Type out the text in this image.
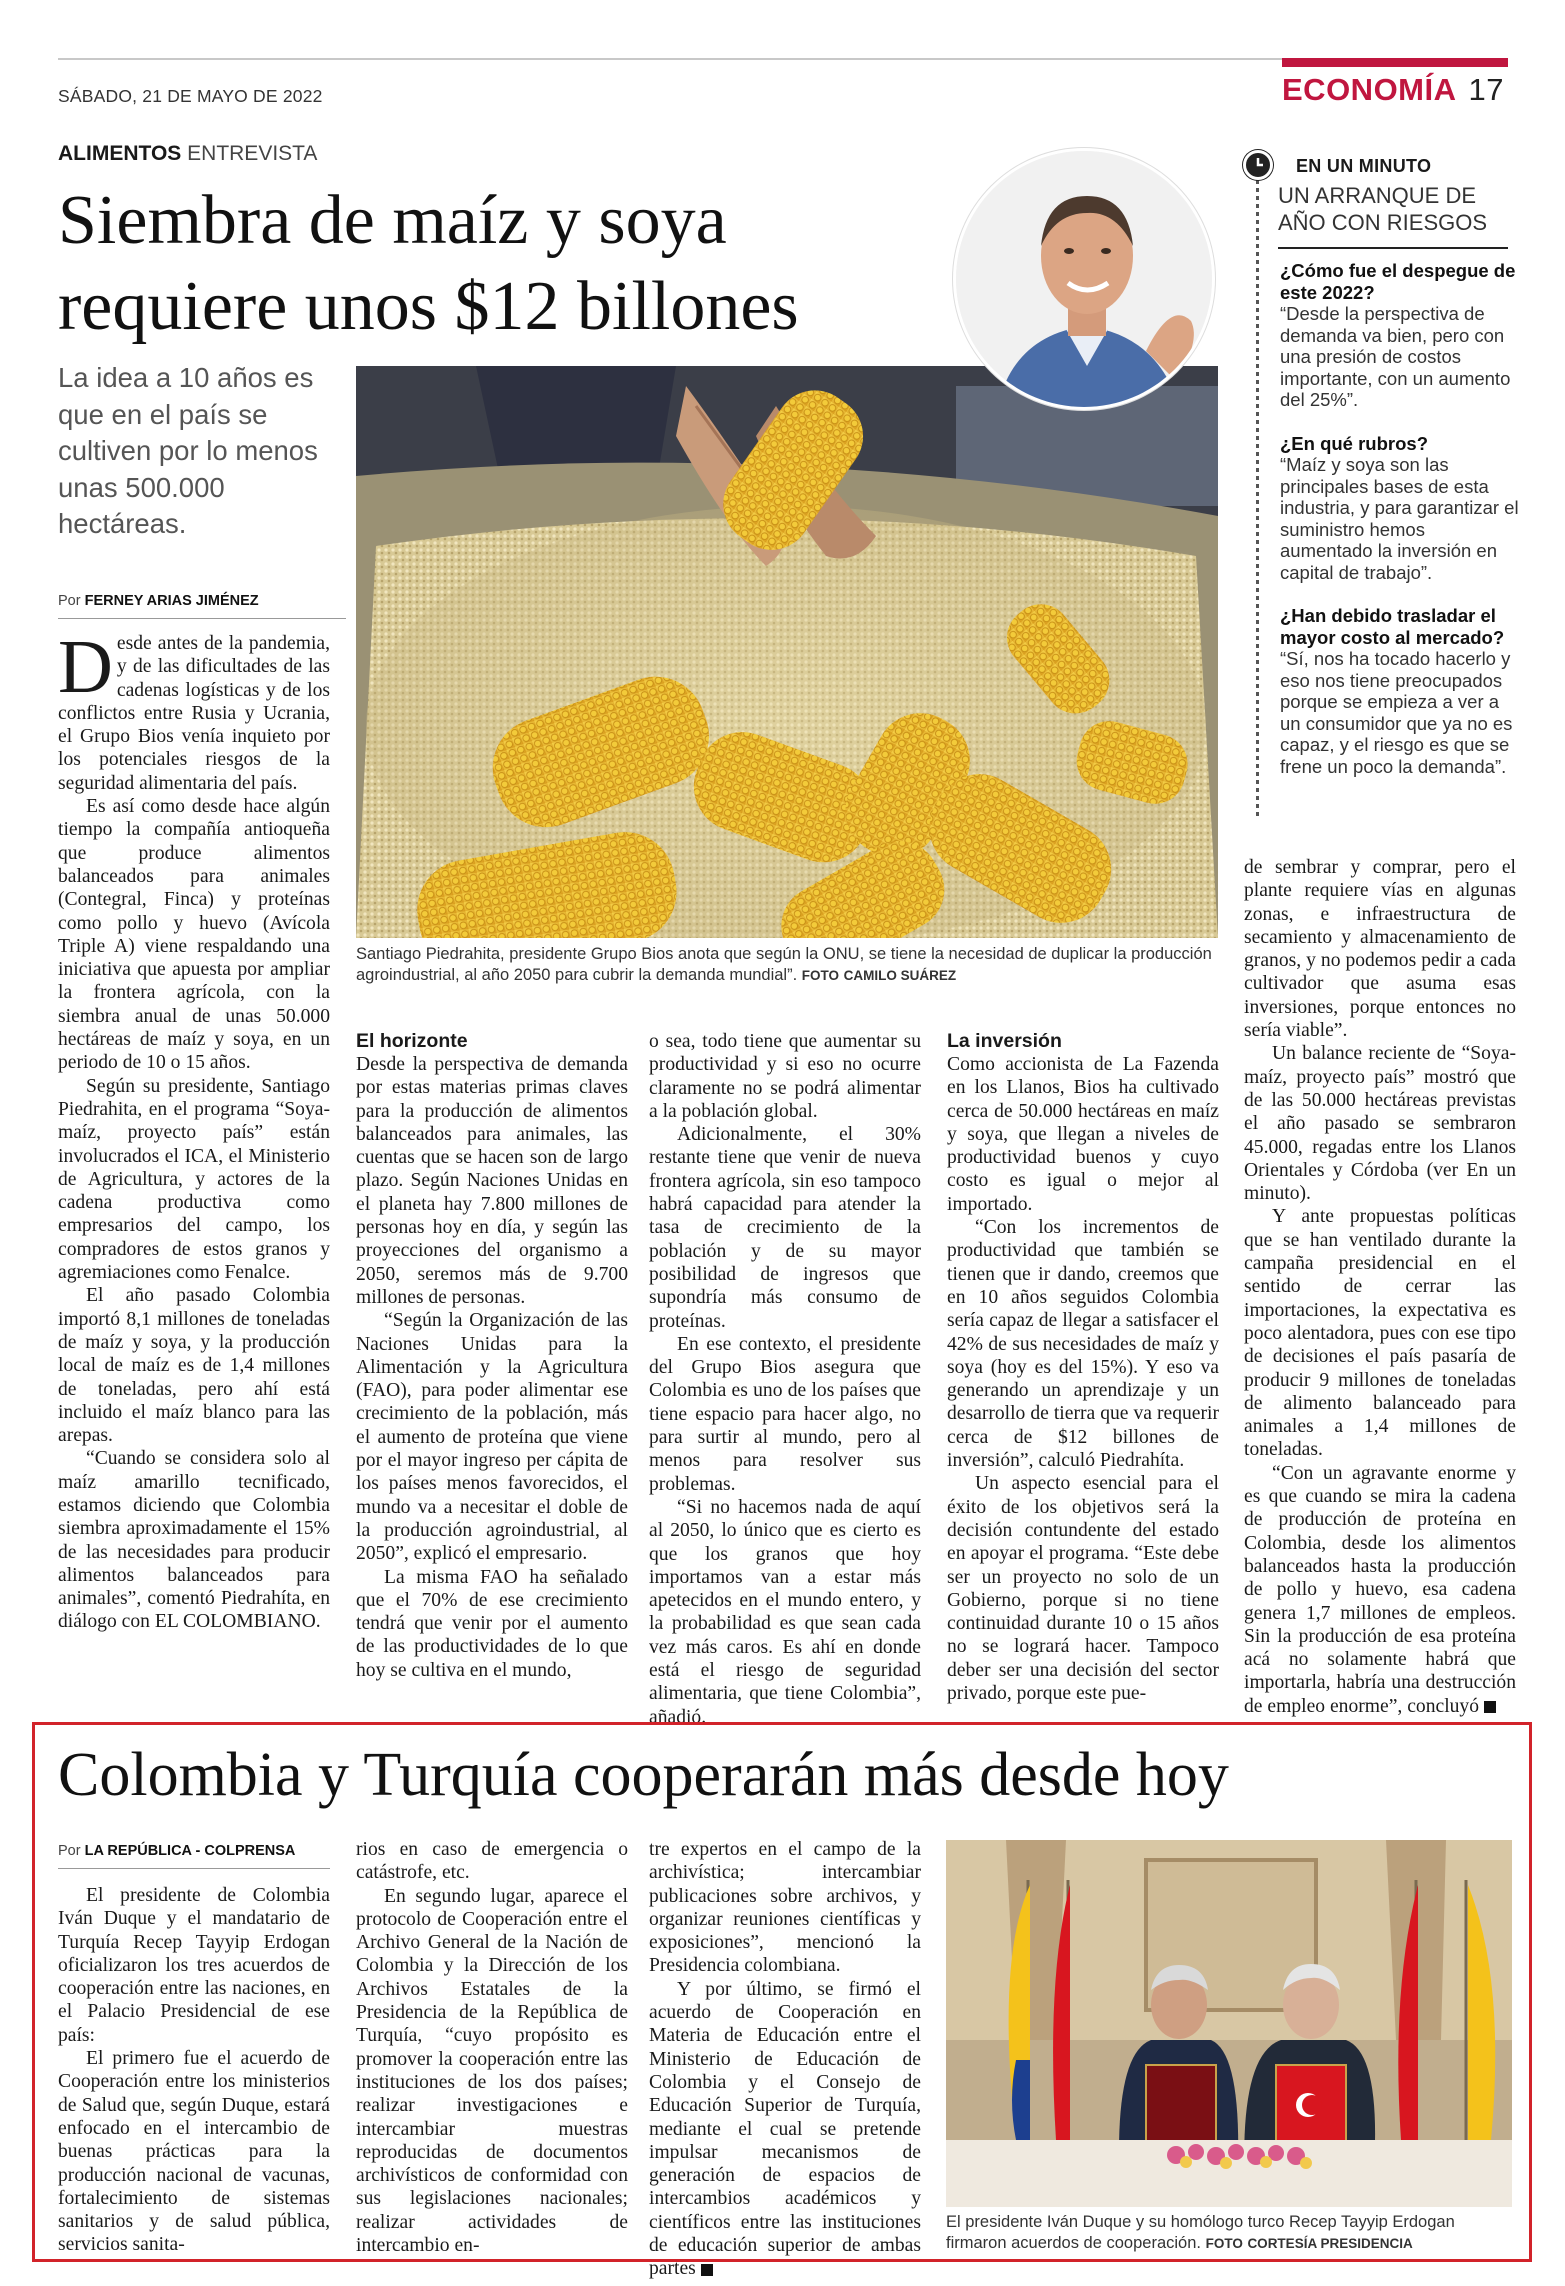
SÁBADO, 21 DE MAYO DE 2022	ECONOMÍA 17
ALIMENTOS ENTREVISTA
Siembra de maíz y soya
requiere unos $12 billones
La idea a 10 años es que en el país se cultiven por lo menos unas 500.000 hectáreas.
Por FERNEY ARIAS JIMÉNEZ
Santiago Piedrahita, presidente Grupo Bios anota que según la ONU, se tiene la necesidad de duplicar la producción agroindustrial, al año 2050 para cubrir la demanda mundial”. FOTO CAMILO SUÁREZ
EN UN MINUTO
UN ARRANQUE DE
AÑO CON RIESGOS
¿Cómo fue el despegue de este 2022?
“Desde la perspectiva de demanda va bien, pero con una presión de costos importante, con un aumento del 25%”.
¿En qué rubros?
“Maíz y soya son las principales bases de esta industria, y para garantizar el suministro hemos aumentado la inversión en capital de trabajo”.
¿Han debido trasladar el mayor costo al mercado?
“Sí, nos ha tocado hacerlo y eso nos tiene preocupados porque se empieza a ver a un consumidor que ya no es capaz, y el riesgo es que se frene un poco la demanda”.

Desde antes de la pandemia, y de las dificultades de las cadenas logísticas y de los conflictos entre Rusia y Ucrania, el Grupo Bios venía inquieto por los potenciales riesgos de la seguridad alimentaria del país.

Es así como desde hace algún tiempo la compañía antioqueña que produce alimentos balanceados para animales (Contegral, Finca) y proteínas como pollo y huevo (Avícola Triple A) viene respaldando una iniciativa que apuesta por ampliar la frontera agrícola, con la siembra anual de unas 50.000 hectáreas de maíz y soya, en un periodo de 10 o 15 años.

Según su presidente, Santiago Piedrahita, en el programa “Soya-maíz, proyecto país” están involucrados el ICA, el Ministerio de Agricultura, y actores de la cadena productiva como empresarios del campo, los compradores de estos granos y agremiaciones como Fenalce.

El año pasado Colombia importó 8,1 millones de toneladas de maíz y soya, y la producción local de maíz es de 1,4 millones de toneladas, pero ahí está incluido el maíz blanco para las arepas.

“Cuando se considera solo al maíz amarillo tecnificado, estamos diciendo que Colombia siembra aproximadamente el 15% de las necesidades para producir alimentos balanceados para animales”, comentó Piedrahíta, en diálogo con EL COLOMBIANO.

El horizonte

Desde la perspectiva de demanda por estas materias primas claves para la producción de alimentos balanceados para animales, las cuentas que se hacen son de largo plazo. Según Naciones Unidas en el planeta hay 7.800 millones de personas hoy en día, y según las proyecciones del organismo a 2050, seremos más de 9.700 millones de personas.

“Según la Organización de las Naciones Unidas para la Alimentación y la Agricultura (FAO), para poder alimentar ese crecimiento de la población, más el aumento de proteína que viene por el mayor ingreso per cápita de los países menos favorecidos, el mundo va a necesitar el doble de la producción agroindustrial, al 2050”, explicó el empresario.

La misma FAO ha señalado que el 70% de ese crecimiento tendrá que venir por el aumento de las productividades de lo que hoy se cultiva en el mundo,

o sea, todo tiene que aumentar su productividad y si eso no ocurre claramente no se podrá alimentar a la población global.

Adicionalmente, el 30% restante tiene que venir de nueva frontera agrícola, sin eso tampoco habrá capacidad para atender la tasa de crecimiento de la población y de su mayor posibilidad de ingresos que supondría más consumo de proteínas.

En ese contexto, el presidente del Grupo Bios asegura que Colombia es uno de los países que tiene espacio para hacer algo, no para surtir al mundo, pero al menos para resolver sus problemas.

“Si no hacemos nada de aquí al 2050, lo único que es cierto es que los granos que hoy importamos van a estar más apetecidos en el mundo entero, y la probabilidad es que sean cada vez más caros. Es ahí en donde está el riesgo de seguridad alimentaria, que tiene Colombia”, añadió.

La inversión

Como accionista de La Fazenda en los Llanos, Bios ha cultivado cerca de 50.000 hectáreas en maíz y soya, que llegan a niveles de productividad buenos y cuyo costo es igual o mejor al importado.

“Con los incrementos de productividad que también se tienen que ir dando, creemos que en 10 años seguidos Colombia sería capaz de llegar a satisfacer el 42% de sus necesidades de maíz y soya (hoy es del 15%). Y eso va generando un aprendizaje y un desarrollo de tierra que va requerir cerca de $12 billones de inversión”, calculó Piedrahíta.

Un aspecto esencial para el éxito de los objetivos será la decisión contundente del estado en apoyar el programa. “Este debe ser un proyecto no solo de un Gobierno, porque si no tiene continuidad durante 10 o 15 años no se logrará hacer. Tampoco deber ser una decisión del sector privado, porque este pue-

de sembrar y comprar, pero el plante requiere vías en algunas zonas, e infraestructura de secamiento y almacenamiento de granos, y no podemos pedir a cada cultivador que asuma esas inversiones, porque entonces no sería viable”.

Un balance reciente de “Soya-maíz, proyecto país” mostró que de las 50.000 hectáreas previstas el año pasado se sembraron 45.000, regadas entre los Llanos Orientales y Córdoba (ver En un minuto).

Y ante propuestas políticas que se han ventilado durante la campaña presidencial en el sentido de cerrar las importaciones, la expectativa es poco alentadora, pues con ese tipo de decisiones el país pasaría de producir 9 millones de toneladas de alimento balanceado para animales a 1,4 millones de toneladas.

“Con un agravante enorme y es que cuando se mira la cadena de producción de proteína en Colombia, desde los alimentos balanceados hasta la producción de pollo y huevo, esa cadena genera 1,7 millones de empleos. Sin la producción de esa proteína acá no solamente habrá que importarla, habría una destrucción de empleo enorme”, concluyó

Colombia y Turquía cooperarán más desde hoy
Por LA REPÚBLICA - COLPRENSA

El presidente de Colombia Iván Duque y el mandatario de Turquía Recep Tayyip Erdogan oficializaron los tres acuerdos de cooperación entre las naciones, en el Palacio Presidencial de ese país:

El primero fue el acuerdo de Cooperación entre los ministerios de Salud que, según Duque, estará enfocado en el intercambio de buenas prácticas para la producción nacional de vacunas, fortalecimiento de sistemas sanitarios y de salud pública, servicios sanita-

rios en caso de emergencia o catástrofe, etc.

En segundo lugar, aparece el protocolo de Cooperación entre el Archivo General de la Nación de Colombia y la Dirección de los Archivos Estatales de la Presidencia de la República de Turquía, “cuyo propósito es promover la cooperación entre las instituciones de los dos países; realizar investigaciones e intercambiar muestras reproducidas de documentos archivísticos de conformidad con sus legislaciones nacionales; realizar actividades de intercambio en-

tre expertos en el campo de la archivística; intercambiar publicaciones sobre archivos, y organizar reuniones científicas y exposiciones”, mencionó la Presidencia colombiana.

Y por último, se firmó el acuerdo de Cooperación en Materia de Educación entre el Ministerio de Educación de Colombia y el Consejo de Educación Superior de Turquía, mediante el cual se pretende impulsar mecanismos de generación de espacios de intercambios académicos y científicos entre las instituciones de educación superior de ambas partes

El presidente Iván Duque y su homólogo turco Recep Tayyip Erdogan firmaron acuerdos de cooperación. FOTO CORTESÍA PRESIDENCIA
